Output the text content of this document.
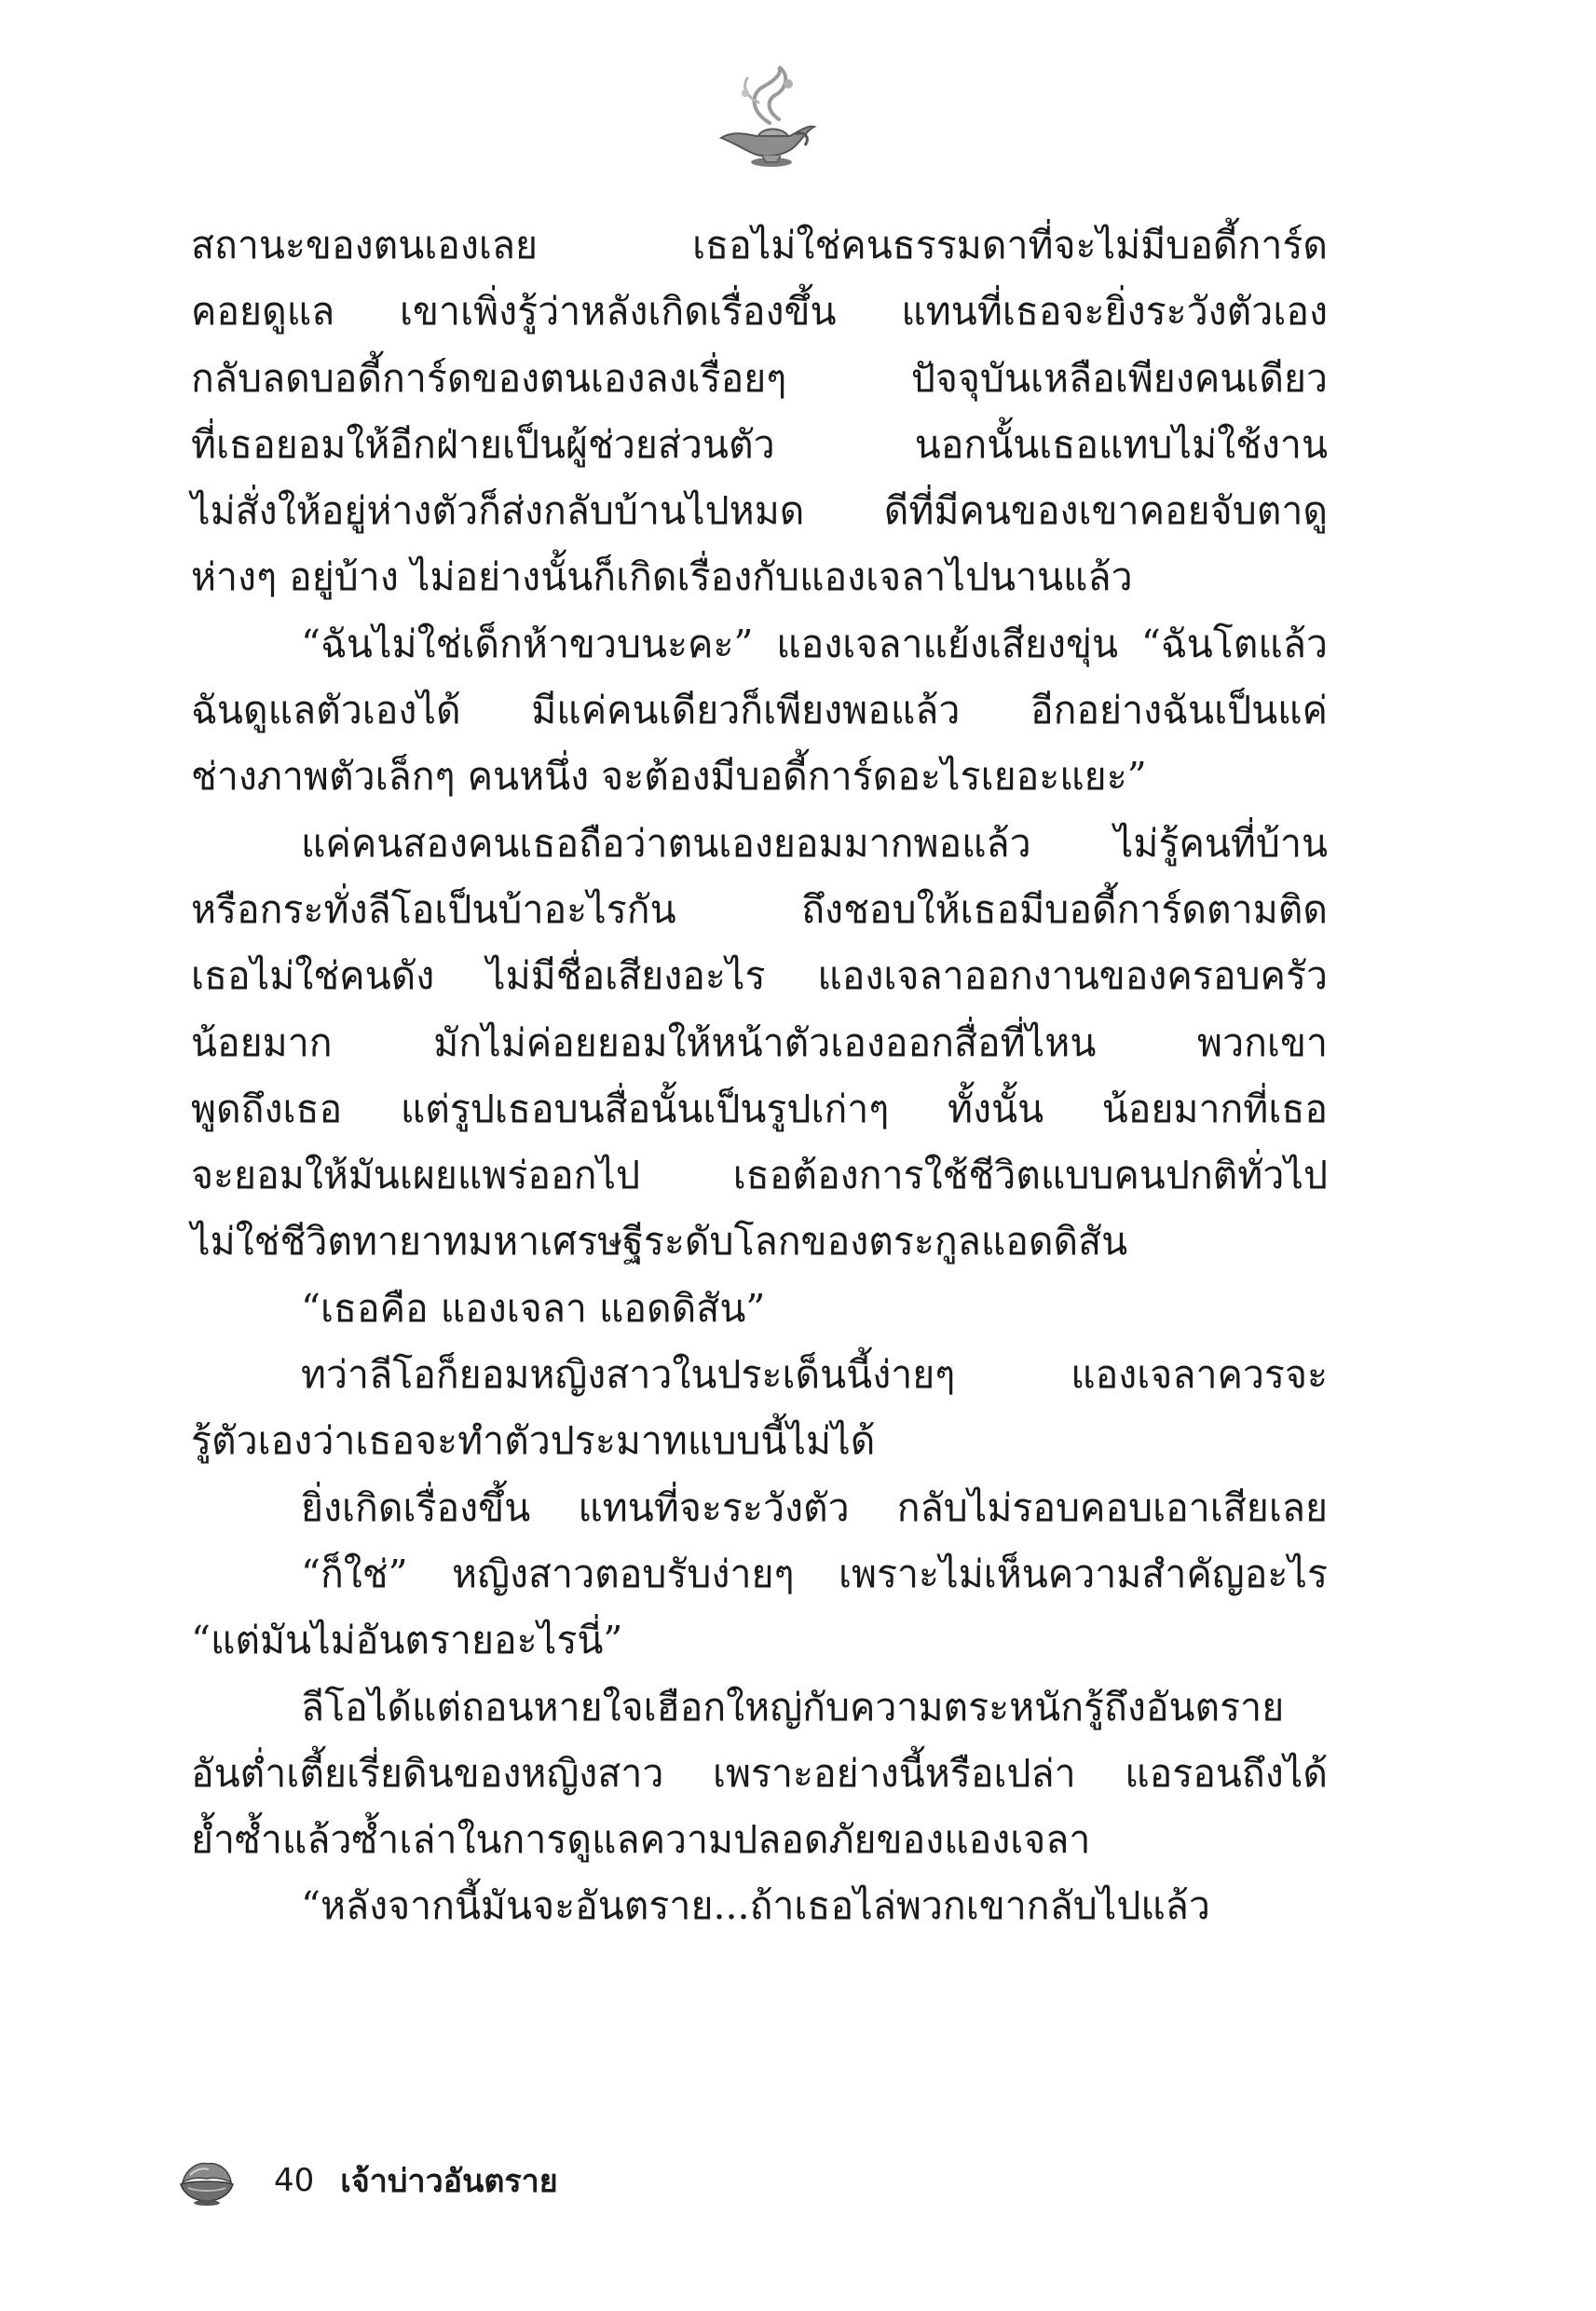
สถานะของตนเองเลย เธอไม่ใช่คนธรรมดาที่จะไม่มีบอดี้การ์ด
คอยดูแล เขาเพิ่งรู้ว่าหลังเกิดเรื่องขึ้น แทนที่เธอจะยิ่งระวังตัวเอง
กลับลดบอดี้การ์ดของตนเองลงเรื่อยๆ ปัจจุบันเหลือเพียงคนเดียว
ที่เธอยอมให้อีกฝ่ายเป็นผู้ช่วยส่วนตัว นอกนั้นเธอแทบไม่ใช้งาน
ไม่สั่งให้อยู่ห่างตัวก็ส่งกลับบ้านไปหมด ดีที่มีคนของเขาคอยจับตาดู
ห่างๆ อยู่บ้าง ไม่อย่างนั้นก็เกิดเรื่องกับแองเจลาไปนานแล้ว
“ฉันไม่ใช่เด็กห้าขวบนะคะ” แองเจลาแย้งเสียงขุ่น “ฉันโตแล้ว
ฉันดูแลตัวเองได้ มีแค่คนเดียวก็เพียงพอแล้ว อีกอย่างฉันเป็นแค่
ช่างภาพตัวเล็กๆ คนหนึ่ง จะต้องมีบอดี้การ์ดอะไรเยอะแยะ”
แค่คนสองคนเธอถือว่าตนเองยอมมากพอแล้ว ไม่รู้คนที่บ้าน
หรือกระทั่งลีโอเป็นบ้าอะไรกัน ถึงชอบให้เธอมีบอดี้การ์ดตามติด
เธอไม่ใช่คนดัง ไม่มีชื่อเสียงอะไร แองเจลาออกงานของครอบครัว
น้อยมาก มักไม่ค่อยยอมให้หน้าตัวเองออกสื่อที่ไหน พวกเขา
พูดถึงเธอ แต่รูปเธอบนสื่อนั้นเป็นรูปเก่าๆ ทั้งนั้น น้อยมากที่เธอ
จะยอมให้มันเผยแพร่ออกไป เธอต้องการใช้ชีวิตแบบคนปกติทั่วไป
ไม่ใช่ชีวิตทายาทมหาเศรษฐีระดับโลกของตระกูลแอดดิสัน
“เธอคือ แองเจลา แอดดิสัน”
ทว่าลีโอก็ยอมหญิงสาวในประเด็นนี้ง่ายๆ แองเจลาควรจะ
รู้ตัวเองว่าเธอจะทำตัวประมาทแบบนี้ไม่ได้
ยิ่งเกิดเรื่องขึ้น แทนที่จะระวังตัว กลับไม่รอบคอบเอาเสียเลย
“ก็ใช่” หญิงสาวตอบรับง่ายๆ เพราะไม่เห็นความสำคัญอะไร
“แต่มันไม่อันตรายอะไรนี่”
ลีโอได้แต่ถอนหายใจเฮือกใหญ่กับความตระหนักรู้ถึงอันตราย
อันต่ำเตี้ยเรี่ยดินของหญิงสาว เพราะอย่างนี้หรือเปล่า แอรอนถึงได้
ย้ำซ้ำแล้วซ้ำเล่าในการดูแลความปลอดภัยของแองเจลา
“หลังจากนี้มันจะอันตราย...ถ้าเธอไล่พวกเขากลับไปแล้ว
40 เจ้าบ่าวอันตราย
